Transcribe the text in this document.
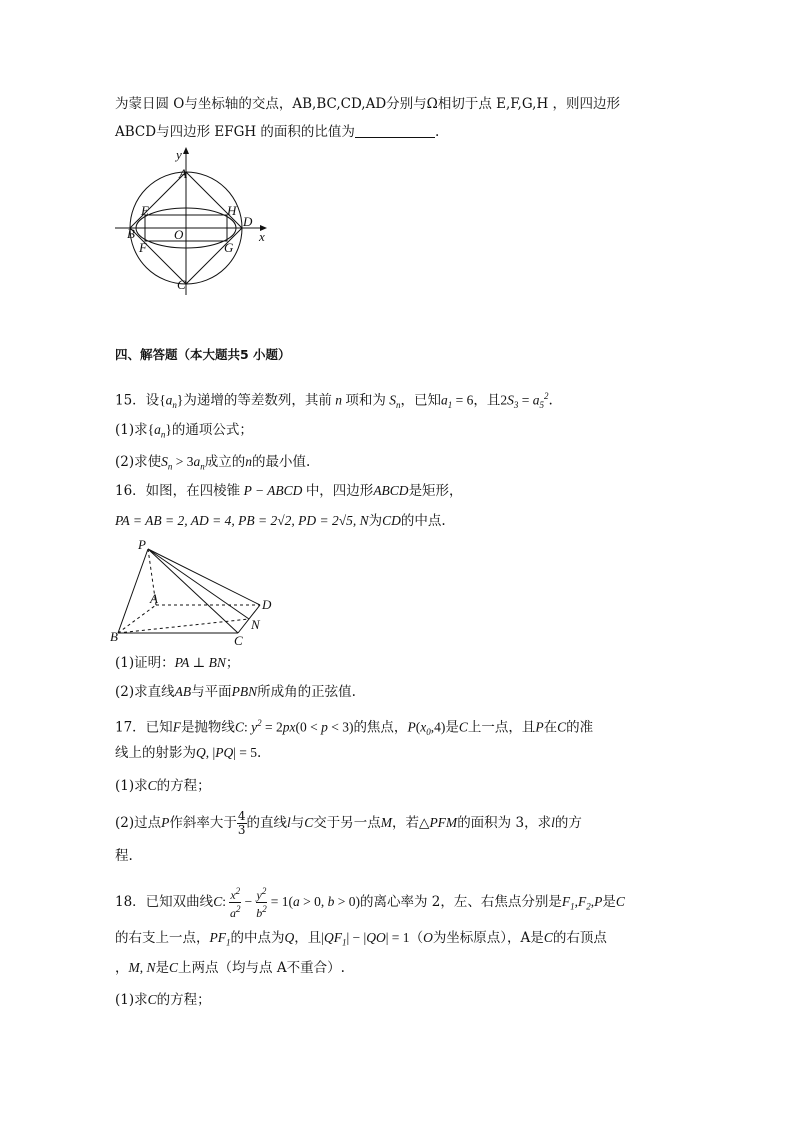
为蒙日圆 O与坐标轴的交点，AB,BC,CD,AD分别与Ω相切于点 E,F,G,H ，则四边形
ABCD与四边形 EFGH 的面积的比值为	.
y
x
A
B
C
D
E
F	G
H
O
四、解答题（本大题共5 小题）
15．设$\{a_n\}$为递增的等差数列，其前 n 项和为 $S_n$，已知$a_1 = 6$，且$2S_3 = a_5^2$.
(1)求$\{a_n\}$的通项公式；
(2)求使$S_n > 3a_n$成立的n的最小值.
16．如图，在四棱锥 P − ABCD 中，四边形ABCD是矩形，
PA = AB = 2, AD = 4, PB = 2√2, PD = 2√5, N为CD的中点.
P
A
B	C
D
N
(1)证明：PA ⊥ BN；
(2)求直线AB与平面PBN所成角的正弦值.
17．已知F是抛物线C: $y^2 = 2px(0 < p < 3)$的焦点，$P(x_0,4)$是C上一点，且P在C的准
线上的射影为Q, |PQ| = 5.
(1)求C的方程；
(2)过点P作斜率大于 $\frac{4}{3}$ 的直线l与C交于另一点M，若△PFM的面积为 3，求l的方
程.
18．已知双曲线C: $\frac{x^2}{a^2} - \frac{y^2}{b^2} = 1(a > 0$, b > 0)的离心率为 2，左、右焦点分别是$F_1,F_2,P$是C
的右支上一点，$PF_1$的中点为Q，且$|QF_1| - |QO| = 1(O$为坐标原点），A是C的右顶点
，M, N是C上两点（均与点 A不重合）.
(1)求C的方程；
